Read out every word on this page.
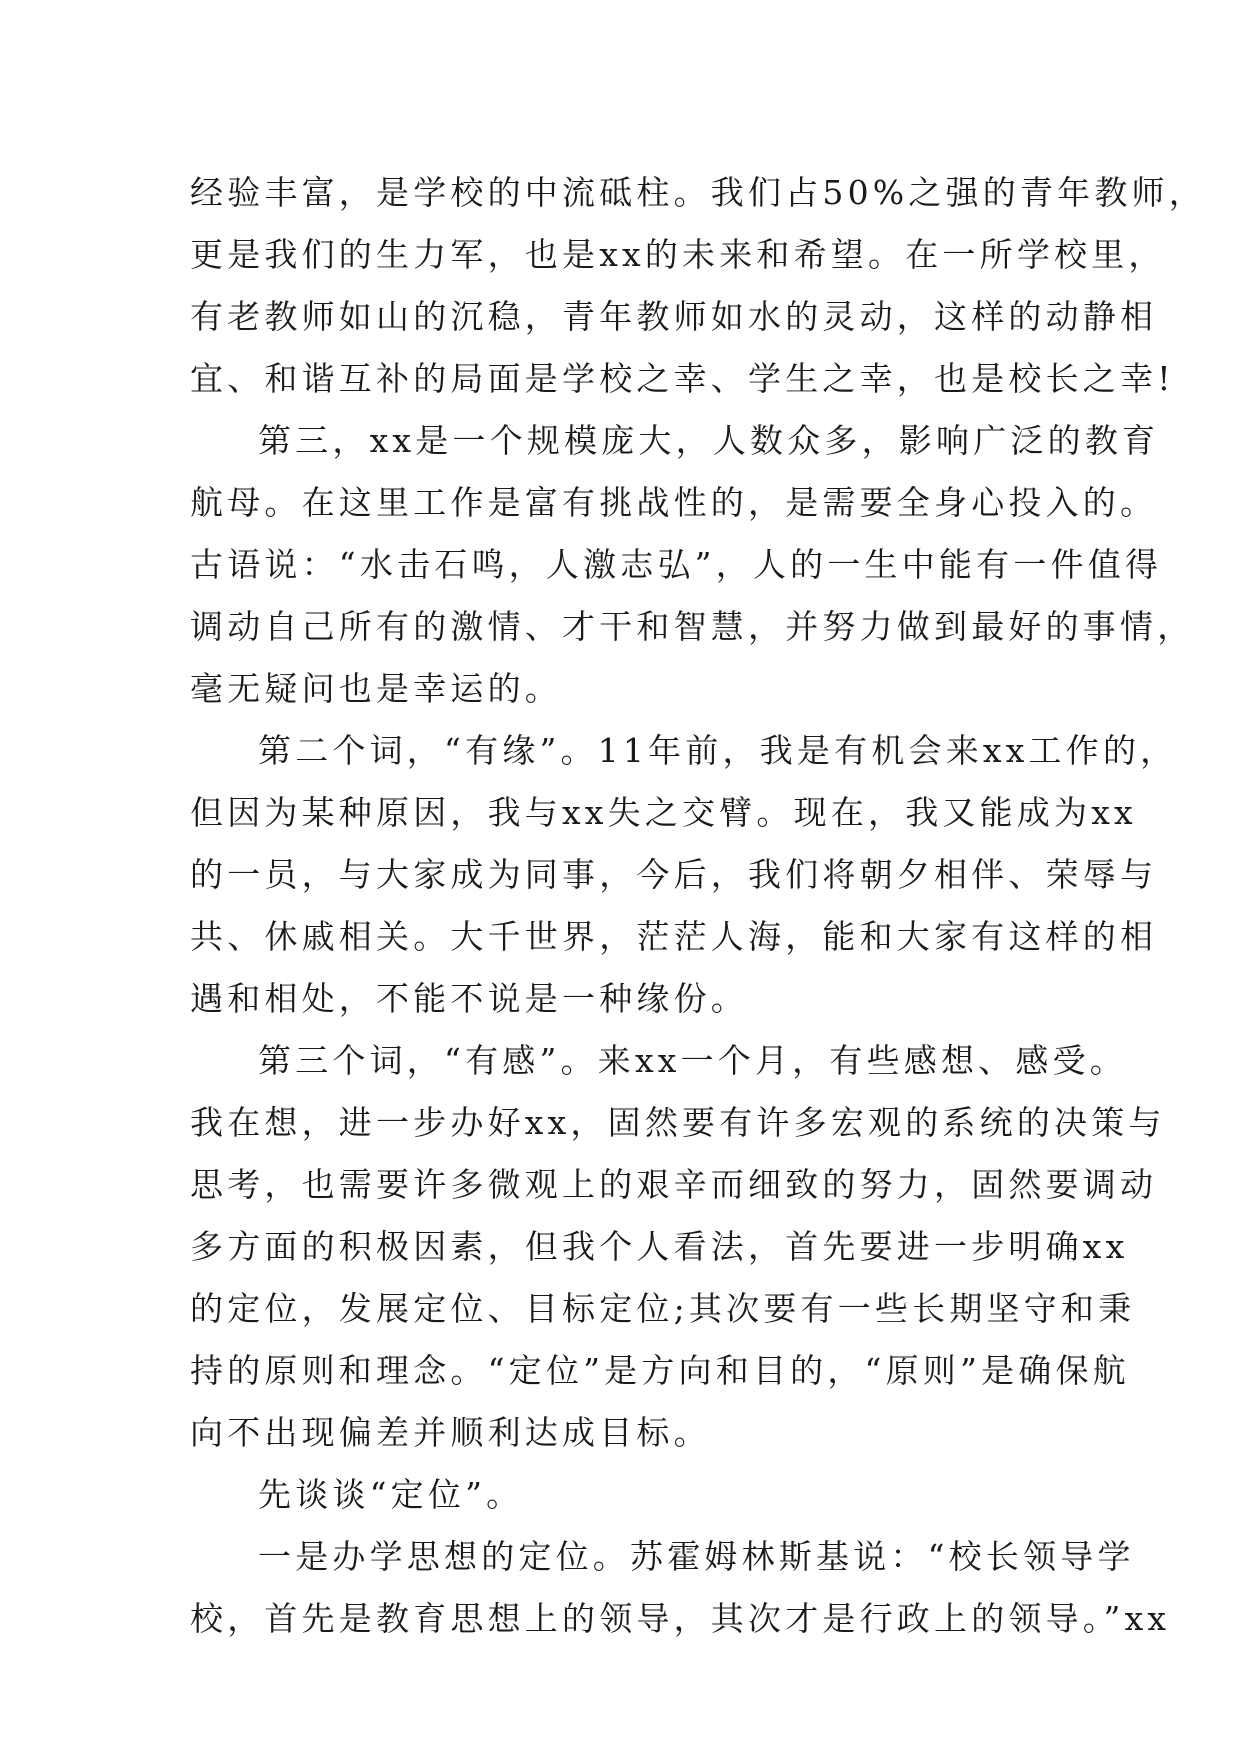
经验丰富，是学校的中流砥柱。我们占50%之强的青年教师，
更是我们的生力军，也是xx的未来和希望。在一所学校里，
有老教师如山的沉稳，青年教师如水的灵动，这样的动静相
宜、和谐互补的局面是学校之幸、学生之幸，也是校长之幸!
第三，xx是一个规模庞大，人数众多，影响广泛的教育
航母。在这里工作是富有挑战性的，是需要全身心投入的。
古语说：“水击石鸣，人激志弘”，人的一生中能有一件值得
调动自己所有的激情、才干和智慧，并努力做到最好的事情，
毫无疑问也是幸运的。
第二个词，“有缘”。11年前，我是有机会来xx工作的，
但因为某种原因，我与xx失之交臂。现在，我又能成为xx
的一员，与大家成为同事，今后，我们将朝夕相伴、荣辱与
共、休戚相关。大千世界，茫茫人海，能和大家有这样的相
遇和相处，不能不说是一种缘份。
第三个词，“有感”。来xx一个月，有些感想、感受。
我在想，进一步办好xx，固然要有许多宏观的系统的决策与
思考，也需要许多微观上的艰辛而细致的努力，固然要调动
多方面的积极因素，但我个人看法，首先要进一步明确xx
的定位，发展定位、目标定位;其次要有一些长期坚守和秉
持的原则和理念。“定位”是方向和目的，“原则”是确保航
向不出现偏差并顺利达成目标。
先谈谈“定位”。
一是办学思想的定位。苏霍姆林斯基说：“校长领导学
校，首先是教育思想上的领导，其次才是行政上的领导。”xx
